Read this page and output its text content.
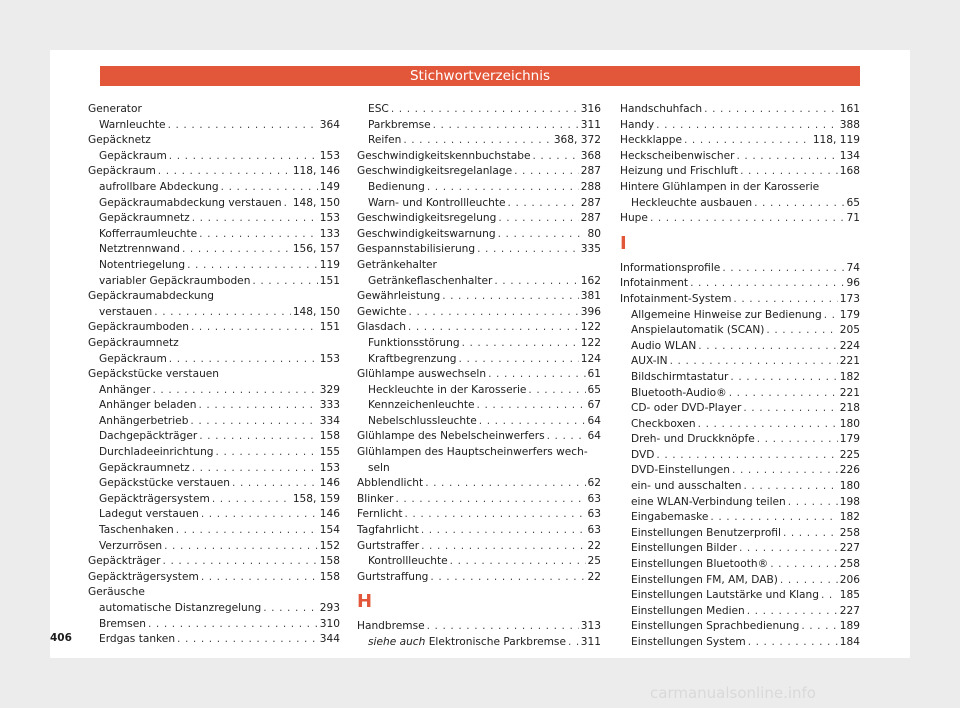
Stichwortverzeichnis
Generator
Warnleuchte . . .	364
Gepäcknetz
Gepäckraum . . .	153
Gepäckraum . . .	118, 146
aufrollbare Abdeckung . . .	149
Gepäckraumabdeckung verstauen . . . 148, 150
Gepäckraumnetz . . .	153
Kofferraumleuchte . . .	133
Netztrennwand . . .	156, 157
Notentriegelung . . .	119
variabler Gepäckraumboden . . .	151
Gepäckraumabdeckung
verstauen . . .	148, 150
Gepäckraumboden . . .	151
Gepäckraumnetz
Gepäckraum . . .	153
Gepäckstücke verstauen
Anhänger . . .	329
Anhänger beladen . . .	333
Anhängerbetrieb . . .	334
Dachgepäckträger . . .	158
Durchladeeinrichtung . . .	155
Gepäckraumnetz . . .	153
Gepäckstücke verstauen . . .	146
Gepäckträgersystem . . .	158, 159
Ladegut verstauen . . .	146
Taschenhaken . . .	154
Verzurrösen . . .	152
Gepäckträger . . .	158
Gepäckträgersystem . . .	158
Geräusche
automatische Distanzregelung . . .	293
Bremsen . . .	310
Erdgas tanken . . .	344
ESC . . .	316
Parkbremse . . .	311
Reifen . . .	368, 372
Geschwindigkeitskennbuchstabe . . .	368
Geschwindigkeitsregelanlage . . .	287
Bedienung . . .	288
Warn- und Kontrollleuchte . . .	287
Geschwindigkeitsregelung . . .	287
Geschwindigkeitswarnung . . .	80
Gespannstabilisierung . . .	335
Getränkehalter
Getränkeflaschenhalter . . .	162
Gewährleistung . . .	381
Gewichte . . .	396
Glasdach . . .	122
Funktionsstörung . . .	122
Kraftbegrenzung . . .	124
Glühlampe auswechseln . . .	61
Heckleuchte in der Karosserie . . .	65
Kennzeichenleuchte . . .	67
Nebelschlussleuchte . . .	64
Glühlampe des Nebelscheinwerfers . . .	64
Glühlampen des Hauptscheinwerfers wech-
seln
Abblendlicht . . .	62
Blinker . . .	63
Fernlicht . . .	63
Tagfahrlicht . . .	63
Gurtstraffer . . .	22
Kontrollleuchte . . .	25
Gurtstraffung . . .	22
H
Handbremse . . .	313
siehe auch Elektronische Parkbremse . . . 311
Handschuhfach . . .	161
Handy . . .	388
Heckklappe . . .	118, 119
Heckscheibenwischer . . .	134
Heizung und Frischluft . . .	168
Hintere Glühlampen in der Karosserie
Heckleuchte ausbauen . . .	65
Hupe . . .	71
I
Informationsprofile . . .	74
Infotainment . . .	96
Infotainment-System . . .	173
Allgemeine Hinweise zur Bedienung . . . 179
Anspielautomatik (SCAN) . . .	205
Audio WLAN . . .	224
AUX-IN . . .	221
Bildschirmtastatur . . .	182
Bluetooth-Audio® . . .	221
CD- oder DVD-Player . . .	218
Checkboxen . . .	180
Dreh- und Druckknöpfe . . .	179
DVD . . .	225
DVD-Einstellungen . . .	226
ein- und ausschalten . . .	180
eine WLAN-Verbindung teilen . . .	198
Eingabemaske . . .	182
Einstellungen Benutzerprofil . . .	258
Einstellungen Bilder . . .	227
Einstellungen Bluetooth® . . .	258
Einstellungen FM, AM, DAB) . . .	206
Einstellungen Lautstärke und Klang . . . 185
Einstellungen Medien . . .	227
Einstellungen Sprachbedienung . . .	189
Einstellungen System . . .	184
406
carmanualsonline.info
